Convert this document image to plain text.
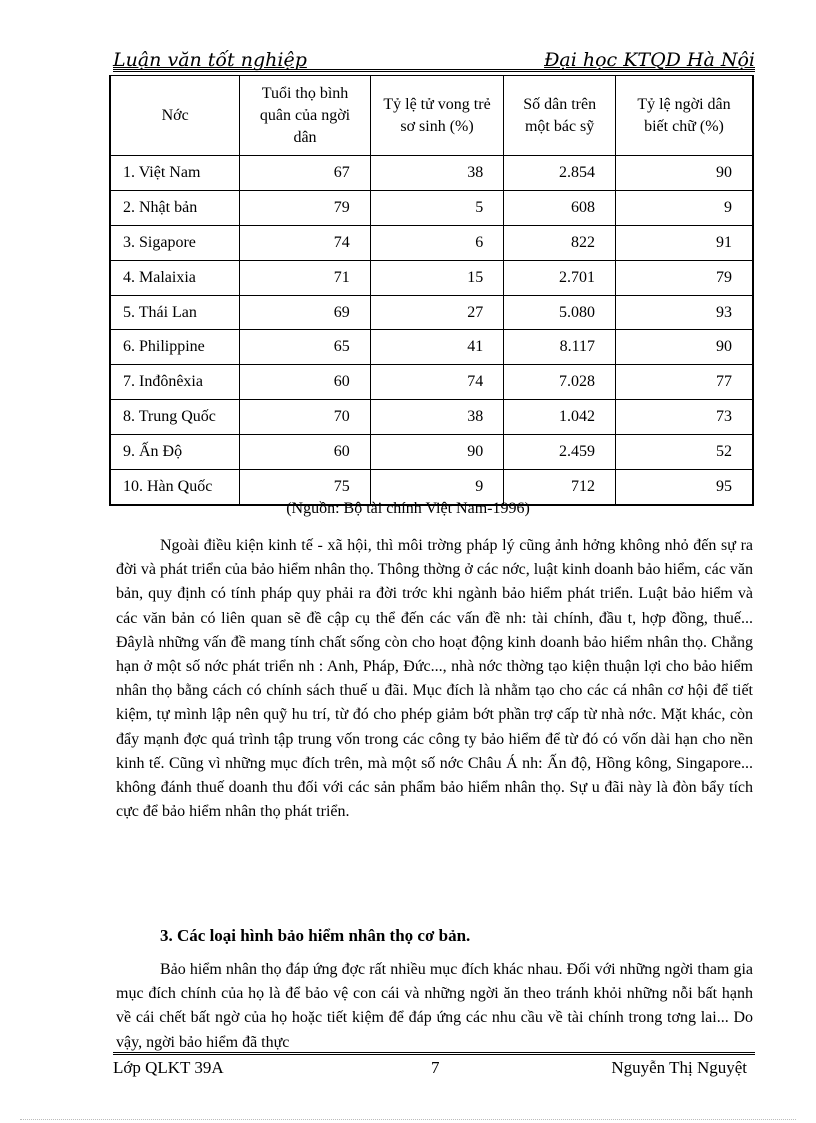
Luận văn tốt nghiệp	Đại học KTQD Hà Nội
Nớc	Tuổi thọ bình quân của ngời dân	Tỷ lệ tử vong trẻ sơ sinh (%)	Số dân trên một bác sỹ	Tỷ lệ ngời dân biết chữ (%)
1. Việt Nam	67	38	2.854	90
2. Nhật bản	79	5	608	9
3. Sigapore	74	6	822	91
4. Malaixia	71	15	2.701	79
5. Thái Lan	69	27	5.080	93
6. Philippine	65	41	8.117	90
7. Inđônêxia	60	74	7.028	77
8. Trung Quốc	70	38	1.042	73
9. Ấn Độ	60	90	2.459	52
10. Hàn Quốc	75	9	712	95
(Nguồn: Bộ tài chính Việt Nam-1996)

Ngoài điều kiện kinh tế - xã hội, thì môi trờng pháp lý cũng ảnh hởng không nhỏ đến sự ra đời và phát triển của bảo hiểm nhân thọ. Thông thờng ở các nớc, luật kinh doanh bảo hiểm, các văn bản, quy định có tính pháp quy phải ra đời trớc khi ngành bảo hiểm phát triển. Luật bảo hiểm và các văn bản có liên quan sẽ đề cập cụ thể đến các vấn đề nh: tài chính, đầu t, hợp đồng, thuế... Đâylà những vấn đề mang tính chất sống còn cho hoạt động kinh doanh bảo hiểm nhân thọ. Chẳng hạn ở một số nớc phát triển nh : Anh, Pháp, Đức..., nhà nớc thờng tạo kiện thuận lợi cho bảo hiểm nhân thọ bằng cách có chính sách thuế u đãi. Mục đích là nhằm tạo cho các cá nhân cơ hội để tiết kiệm, tự mình lập nên quỹ hu trí, từ đó cho phép giảm bớt phần trợ cấp từ nhà nớc. Mặt khác, còn đẩy mạnh đợc quá trình tập trung vốn trong các công ty bảo hiểm để từ đó có vốn dài hạn cho nền kinh tế. Cũng vì những mục đích trên, mà một số nớc Châu Á nh: Ấn độ, Hồng kông, Singapore... không đánh thuế doanh thu đối với các sản phẩm bảo hiểm nhân thọ. Sự u đãi này là đòn bẩy tích cực để bảo hiểm nhân thọ phát triển.

3. Các loại hình bảo hiểm nhân thọ cơ bản.

Bảo hiểm nhân thọ đáp ứng đợc rất nhiều mục đích khác nhau. Đối với những ngời tham gia mục đích chính của họ là để bảo vệ con cái và những ngời ăn theo tránh khỏi những nỗi bất hạnh về cái chết bất ngờ của họ hoặc tiết kiệm để đáp ứng các nhu cầu về tài chính trong tơng lai... Do vậy, ngời bảo hiểm đã thực

Lớp QLKT 39A	7	Nguyễn Thị Nguyệt
